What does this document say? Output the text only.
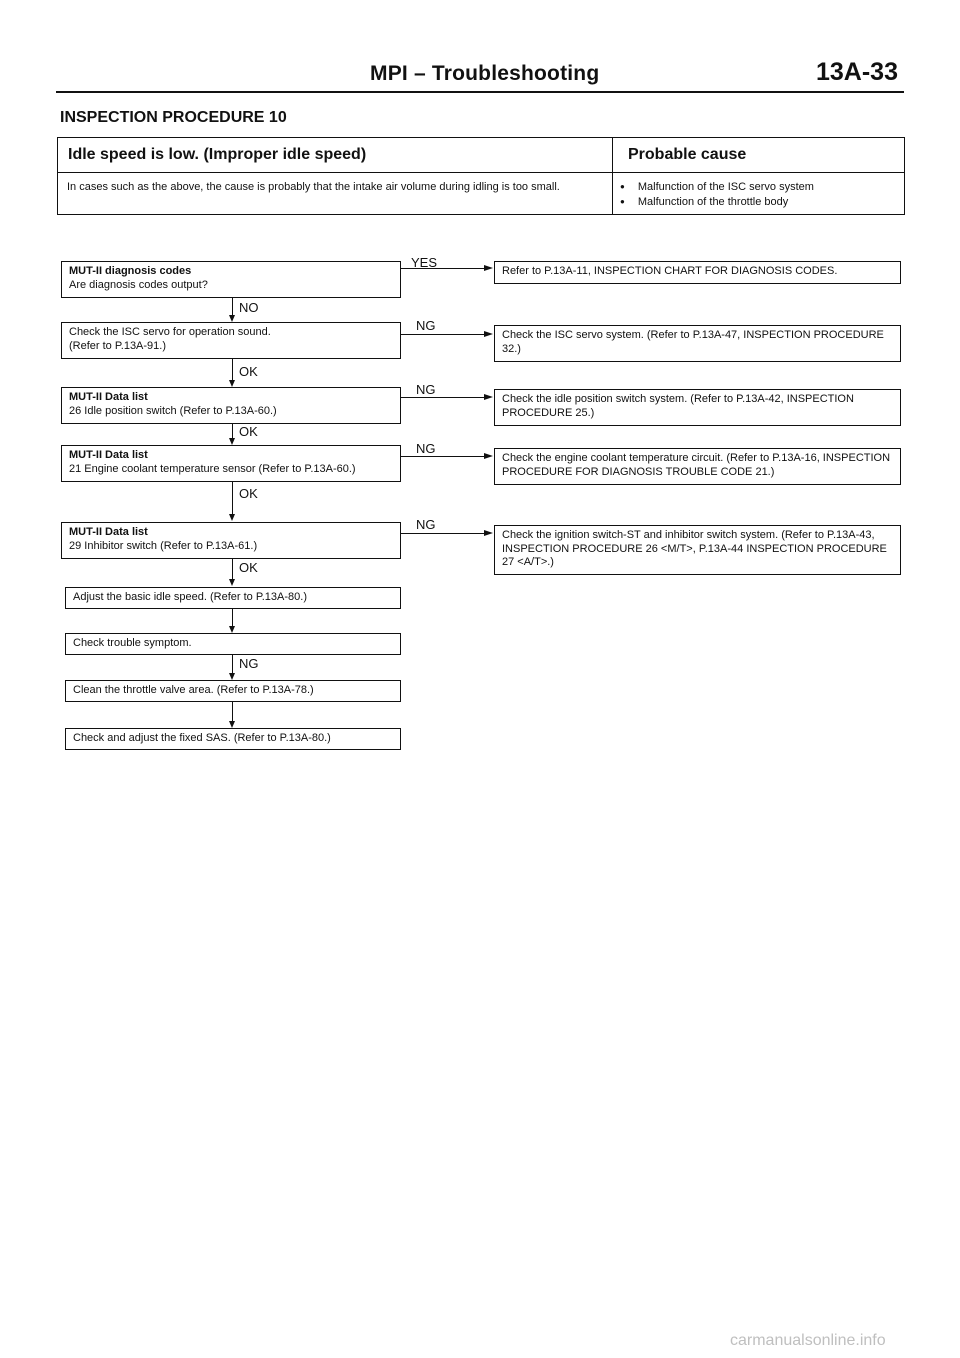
MPI – Troubleshooting	13A-33
INSPECTION PROCEDURE 10
Idle speed is low. (Improper idle speed)	Probable cause
In cases such as the above, the cause is probably that the intake air volume during idling is too small.
●	Malfunction of the ISC servo system
● Malfunction of the throttle body
MUT-II diagnosis codes
Are diagnosis codes output?
Check the ISC servo for operation sound.
(Refer to P.13A-91.)
MUT-II Data list
26 Idle position switch (Refer to P.13A-60.)
MUT-II Data list
21 Engine coolant temperature sensor (Refer to P.13A-60.)
MUT-II Data list
29 Inhibitor switch (Refer to P.13A-61.)
Adjust the basic idle speed. (Refer to P.13A-80.)
Check trouble symptom.
Clean the throttle valve area. (Refer to P.13A-78.)
Check and adjust the fixed SAS. (Refer to P.13A-80.)
Refer to P.13A-11, INSPECTION CHART FOR DIAGNOSIS CODES.
Check the ISC servo system. (Refer to P.13A-47, INSPECTION PROCEDURE 32.)
Check the idle position switch system. (Refer to P.13A-42, INSPECTION PROCEDURE 25.)
Check the engine coolant temperature circuit. (Refer to P.13A-16, INSPECTION PROCEDURE FOR DIAGNOSIS TROUBLE CODE 21.)
Check the ignition switch-ST and inhibitor switch system. (Refer to P.13A-43, INSPECTION PROCEDURE 26 <M/T>, P.13A-44 INSPECTION PROCEDURE 27 <A/T>.)
YES
NG
NG
NG
NG
NO
OK
OK
OK
OK
NG
carmanualsonline.info
